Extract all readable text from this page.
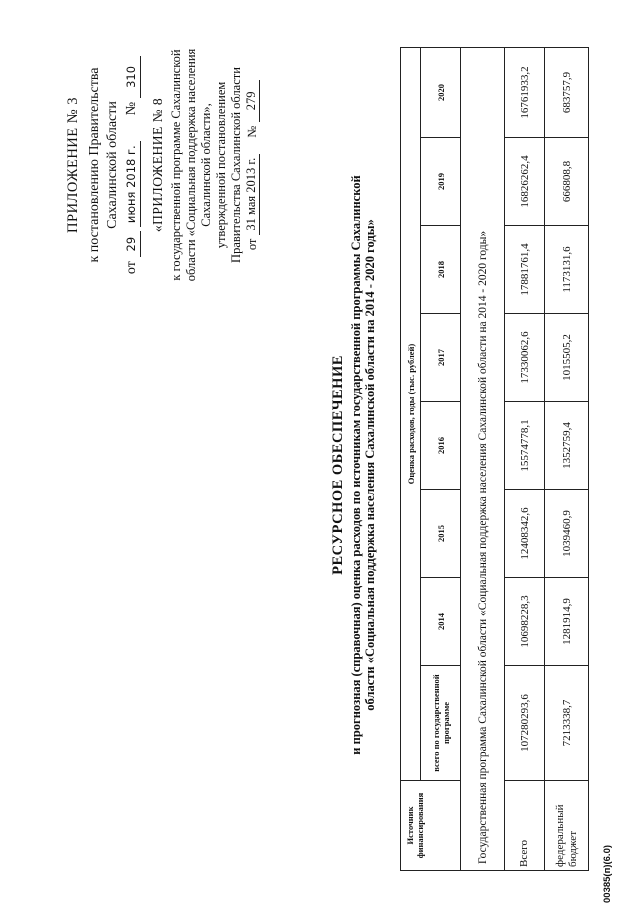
ПРИЛОЖЕНИЕ № 3 к постановлению Правительства Сахалинской области
от
29
июня 2018 г.
№
310
«ПРИЛОЖЕНИЕ № 8 к государственной программе Сахалинской области «Социальная поддержка населения Сахалинской области», утвержденной постановлением Правительства Сахалинской области от
31 мая 2013 г.
№
279
РЕСУРСНОЕ ОБЕСПЕЧЕНИЕ и прогнозная (справочная) оценка расходов по источникам государственной программы Сахалинской области «Социальная поддержка населения Сахалинской области на 2014 - 2020 годы»
Источник финансирования	Оценка расходов, годы (тыс. рублей)							
	всего по государственной программе	2014	2015	2016	2017	2018	2019	2020
Государственная программа Сахалинской области «Социальная поддержка населения Сахалинской области на 2014 - 2020 годы»								
Всего	107280293,6	10698228,3	12408342,6	15574778,1	17330062,6	17881761,4	16826262,4	16761933,2
федеральный бюджет	7213338,7	1281914,9	1039460,9	1352759,4	1015505,2	1173131,6	666808,8	683757,9
00385(п)(6.0)
